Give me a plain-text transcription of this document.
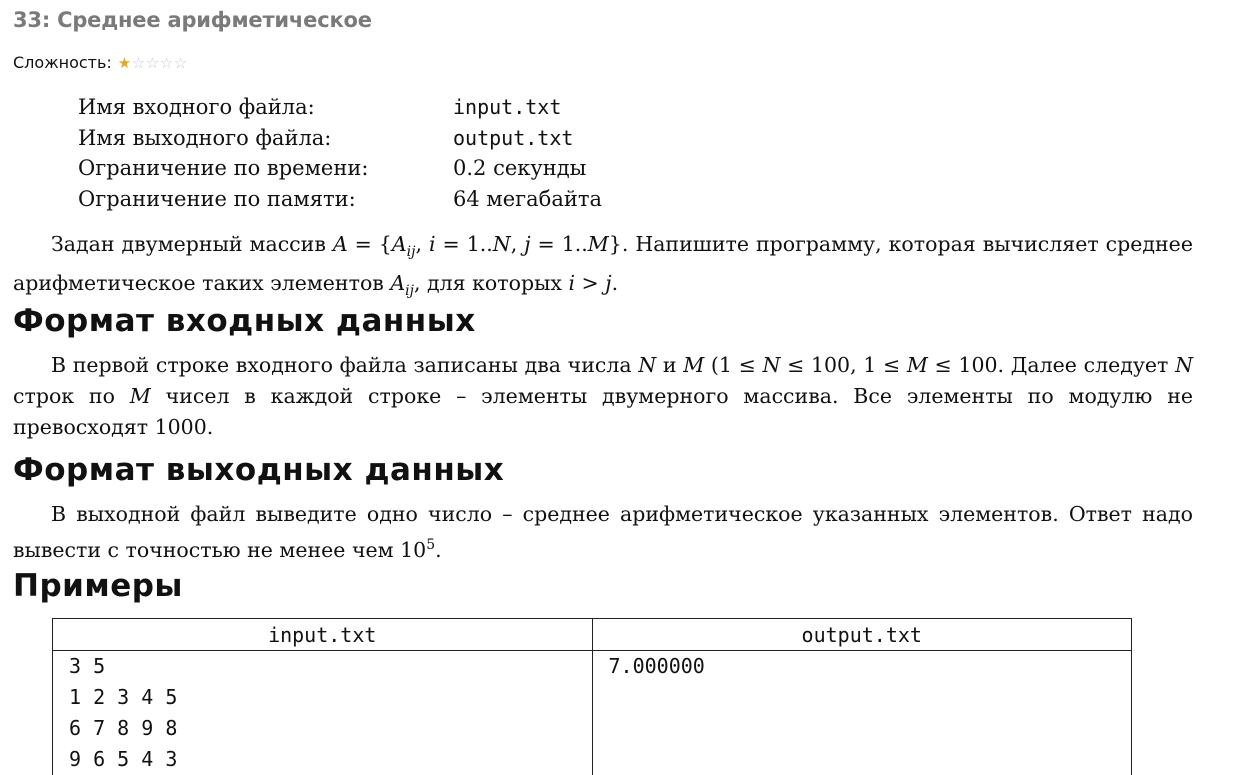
33: Среднее арифметическое
Сложность: ★ ☆ ☆ ☆ ☆
Имя входного файла:	input.txt
Имя выходного файла:	output.txt
Ограничение по времени:	0.2 секунды
Ограничение по памяти:	64 мегабайта
Задан двумерный массив $A = \{A_{ij}$, i = 1..N, j = 1..M}. Напишите программу, которая вычисляет среднее арифметическое таких элементов $A_{ij}$, для которых i > j.
Формат входных данных
В первой строке входного файла записаны два числа N и M (1 ≤ N ≤ 100, 1 ≤ M ≤ 100. Далее следует N строк по M чисел в каждой строке – элементы двумерного массива. Все элементы по модулю не превосходят 1000.
Формат выходных данных
В выходной файл выведите одно число – среднее арифметическое указанных элементов. Ответ надо вывести с точностью не менее чем $10^5$.
Примеры
input.txt	output.txt

3 5
1 2 3 4 5
6 7 8 9 8
9 6 5 4 3	7.000000
